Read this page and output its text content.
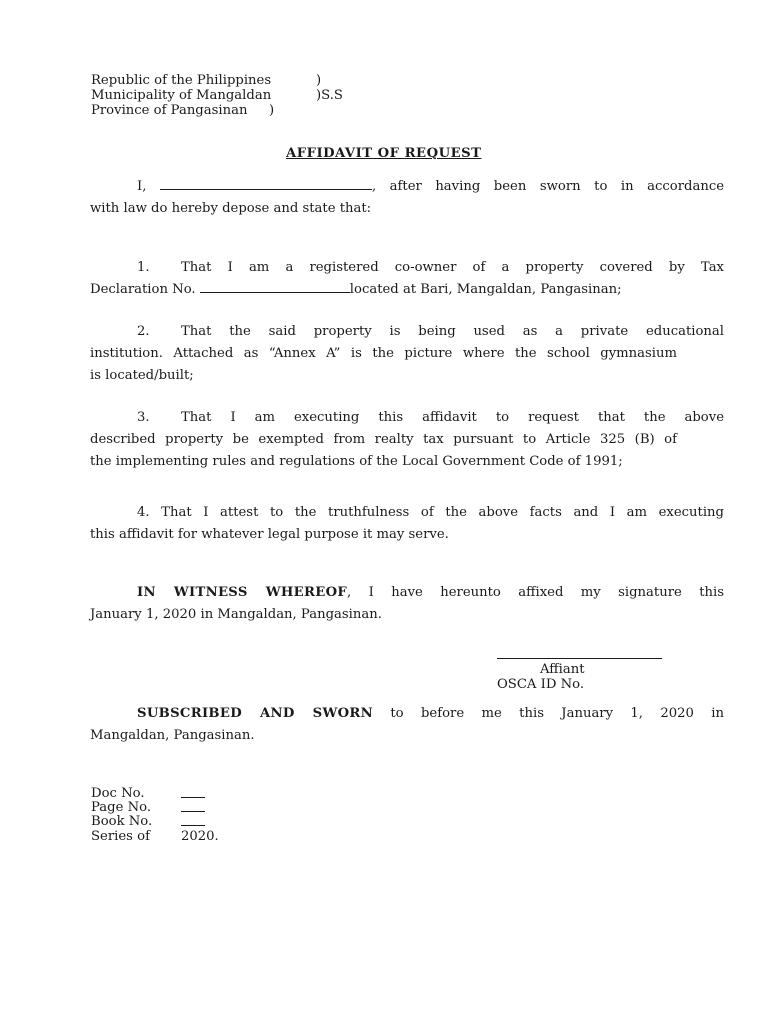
Republic of the Philippines	)
Municipality of Mangaldan	)S.S
Province of Pangasinan )
AFFIDAVIT OF REQUEST
I,	, after having been sworn to in accordance
with law do hereby depose and state that:
1. That I am a registered co-owner of a property covered by Tax
Declaration No.	located at Bari, Mangaldan, Pangasinan;
2. That the said property is being used as a private educational
institution. Attached as “Annex A” is the picture where the school gymnasium
is located/built;
3. That I am executing this affidavit to request that the above
described property be exempted from realty tax pursuant to Article 325 (B) of
the implementing rules and regulations of the Local Government Code of 1991;
4. That I attest to the truthfulness of the above facts and I am executing
this affidavit for whatever legal purpose it may serve.
IN WITNESS WHEREOF, I have hereunto affixed my signature this
January 1, 2020 in Mangaldan, Pangasinan.
Affiant
OSCA ID No.
SUBSCRIBED AND SWORN to before me this January 1, 2020 in
Mangaldan, Pangasinan.
Doc No.
Page No.
Book No.
Series of 2020.
